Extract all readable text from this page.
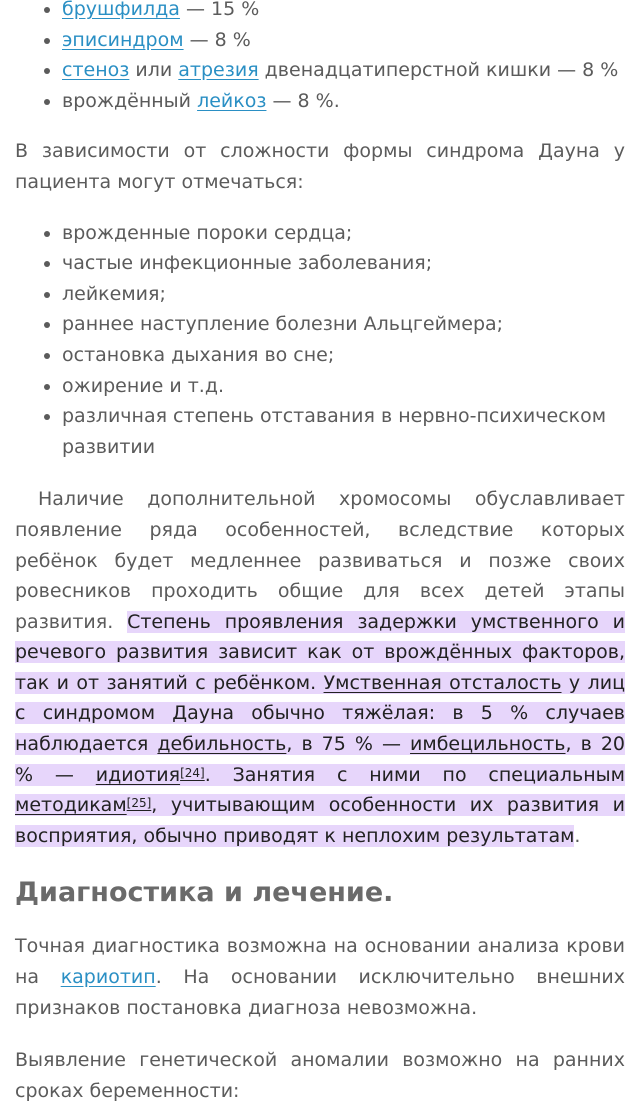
брушфилда — 15 %
эписиндром — 8 %
стеноз или атрезия двенадцатиперстной кишки — 8 %
врождённый лейкоз — 8 %.

В зависимости от сложности формы синдрома Дауна у пациента могут отмечаться:

врожденные пороки сердца;
частые инфекционные заболевания;
лейкемия;
раннее наступление болезни Альцгеймера;
остановка дыхания во сне;
ожирение и т.д.
различная степень отставания в нервно-психическом развитии

Наличие дополнительной хромосомы обуславливает появление ряда особенностей, вследствие которых ребёнок будет медленнее развиваться и позже своих ровесников проходить общие для всех детей этапы развития. Степень проявления задержки умственного и речевого развития зависит как от врождённых факторов, так и от занятий с ребёнком. Умственная отсталость у лиц с синдромом Дауна обычно тяжёлая: в 5 % случаев наблюдается дебильность, в 75 % — имбецильность, в 20 % — идиотия[24]. Занятия с ними по специальным методикам[25], учитывающим особенности их развития и восприятия, обычно приводят к неплохим результатам.

Диагностика и лечение.

Точная диагностика возможна на основании анализа крови на кариотип. На основании исключительно внешних признаков постановка диагноза невозможна.

Выявление генетической аномалии возможно на ранних сроках беременности:
